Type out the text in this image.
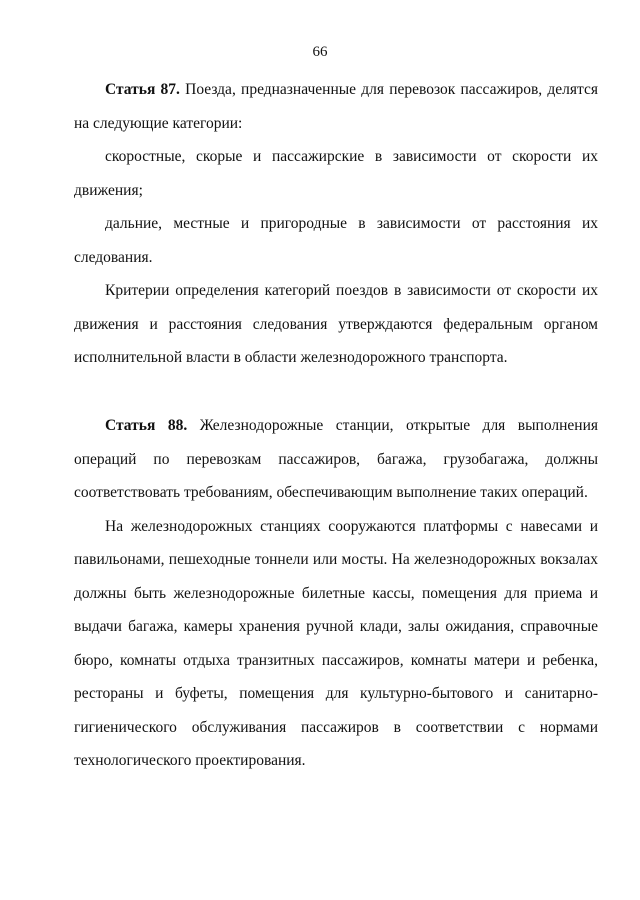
66

Статья 87. Поезда, предназначенные для перевозок пассажиров, делятся на следующие категории:

скоростные, скорые и пассажирские в зависимости от скорости их движения;

дальние, местные и пригородные в зависимости от расстояния их следования.

Критерии определения категорий поездов в зависимости от скорости их движения и расстояния следования утверждаются федеральным органом исполнительной власти в области железнодорожного транспорта.

Статья 88. Железнодорожные станции, открытые для выполнения операций по перевозкам пассажиров, багажа, грузобагажа, должны соответствовать требованиям, обеспечивающим выполнение таких операций.

На железнодорожных станциях сооружаются платформы с навесами и павильонами, пешеходные тоннели или мосты. На железнодорожных вокзалах должны быть железнодорожные билетные кассы, помещения для приема и выдачи багажа, камеры хранения ручной клади, залы ожидания, справочные бюро, комнаты отдыха транзитных пассажиров, комнаты матери и ребенка, рестораны и буфеты, помещения для культурно-бытового и санитарно-гигиенического обслуживания пассажиров в соответствии с нормами технологического проектирования.
